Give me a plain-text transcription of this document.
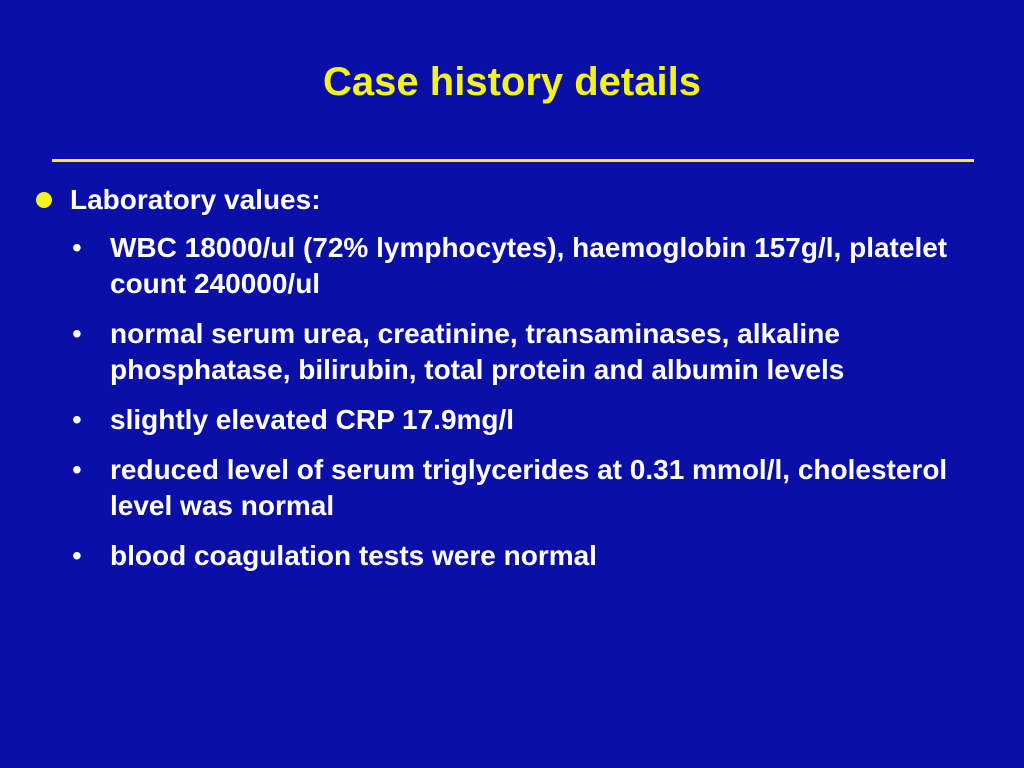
Case history details
Laboratory values:
•	WBC 18000/ul (72% lymphocytes), haemoglobin 157g/l, platelet count 240000/ul
•	normal serum urea, creatinine, transaminases, alkaline phosphatase, bilirubin, total protein and albumin levels
•	slightly elevated CRP 17.9mg/l
•	reduced level of serum triglycerides at 0.31 mmol/l, cholesterol level was normal
•	blood coagulation tests were normal
